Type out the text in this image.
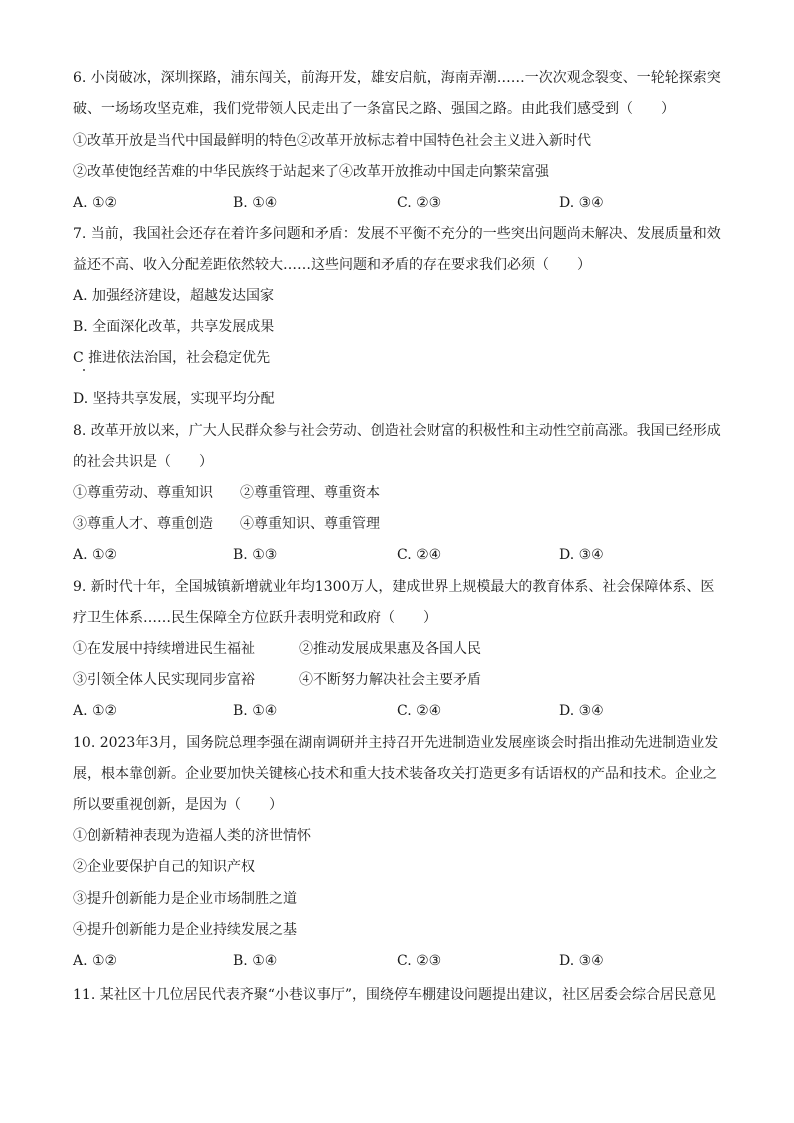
6. 小岗破冰，深圳探路，浦东闯关，前海开发，雄安启航，海南弄潮……一次次观念裂变、一轮轮探索突
破、一场场攻坚克难，我们党带领人民走出了一条富民之路、强国之路。由此我们感受到（　　）
①改革开放是当代中国最鲜明的特色②改革开放标志着中国特色社会主义进入新时代
②改革使饱经苦难的中华民族终于站起来了④改革开放推动中国走向繁荣富强
A. ①②	B. ①④	C. ②③	D. ③④
7. 当前，我国社会还存在着许多问题和矛盾：发展不平衡不充分的一些突出问题尚未解决、发展质量和效
益还不高、收入分配差距依然较大……这些问题和矛盾的存在要求我们必须（　　）
A. 加强经济建设，超越发达国家
B. 全面深化改革，共享发展成果
C 推进依法治国，社会稳定优先
D. 坚持共享发展，实现平均分配
8. 改革开放以来，广大人民群众参与社会劳动、创造社会财富的积极性和主动性空前高涨。我国已经形成
的社会共识是（　　）
①尊重劳动、尊重知识 ②尊重管理、尊重资本
③尊重人才、尊重创造 ④尊重知识、尊重管理
A. ①②	B. ①③	C. ②④	D. ③④
9. 新时代十年，全国城镇新增就业年均1300万人，建成世界上规模最大的教育体系、社会保障体系、医
疗卫生体系……民生保障全方位跃升表明党和政府（　　）
①在发展中持续增进民生福祉	②推动发展成果惠及各国人民
③引领全体人民实现同步富裕	④不断努力解决社会主要矛盾
A. ①②	B. ①④	C. ②④	D. ③④
10. 2023年3月，国务院总理李强在湖南调研并主持召开先进制造业发展座谈会时指出推动先进制造业发
展，根本靠创新。企业要加快关键核心技术和重大技术装备攻关打造更多有话语权的产品和技术。企业之
所以要重视创新，是因为（　　）
①创新精神表现为造福人类的济世情怀
②企业要保护自己的知识产权
③提升创新能力是企业市场制胜之道
④提升创新能力是企业持续发展之基
A. ①②	B. ①④	C. ②③	D. ③④
11. 某社区十几位居民代表齐聚“小巷议事厅”，围绕停车棚建设问题提出建议，社区居委会综合居民意见
